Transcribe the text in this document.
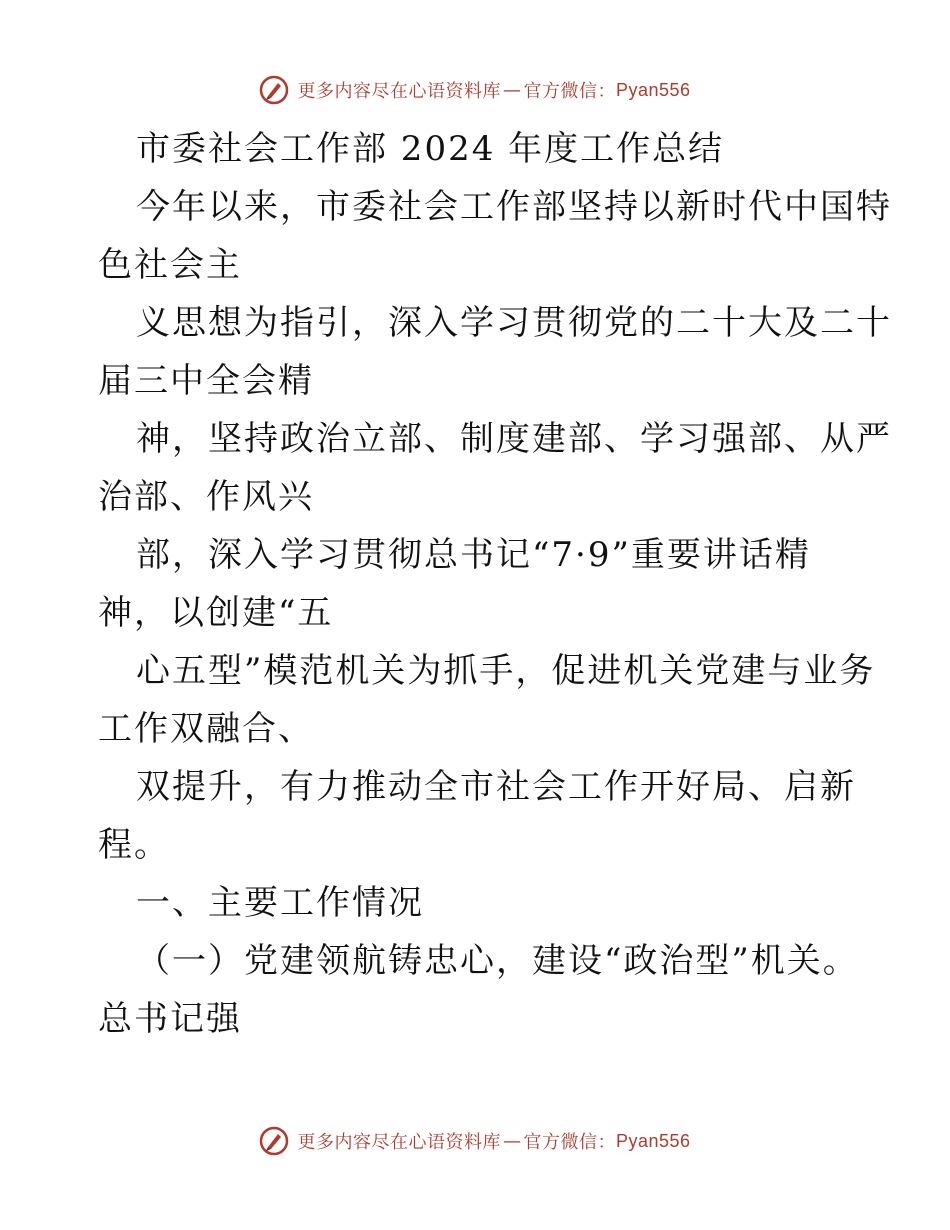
更多内容尽在心语资料库 — 官方微信： Pyan556
市委社会工作部 2024 年度工作总结
今年以来，市委社会工作部坚持以新时代中国特
色社会主
义思想为指引，深入学习贯彻党的二十大及二十
届三中全会精
神，坚持政治立部、制度建部、学习强部、从严
治部、作风兴
部，深入学习贯彻总书记“7·9”重要讲话精
神，以创建“五
心五型”模范机关为抓手，促进机关党建与业务
工作双融合、
双提升，有力推动全市社会工作开好局、启新
程。
一、主要工作情况
（一）党建领航铸忠心，建设“政治型”机关。
总书记强
更多内容尽在心语资料库 — 官方微信： Pyan556
